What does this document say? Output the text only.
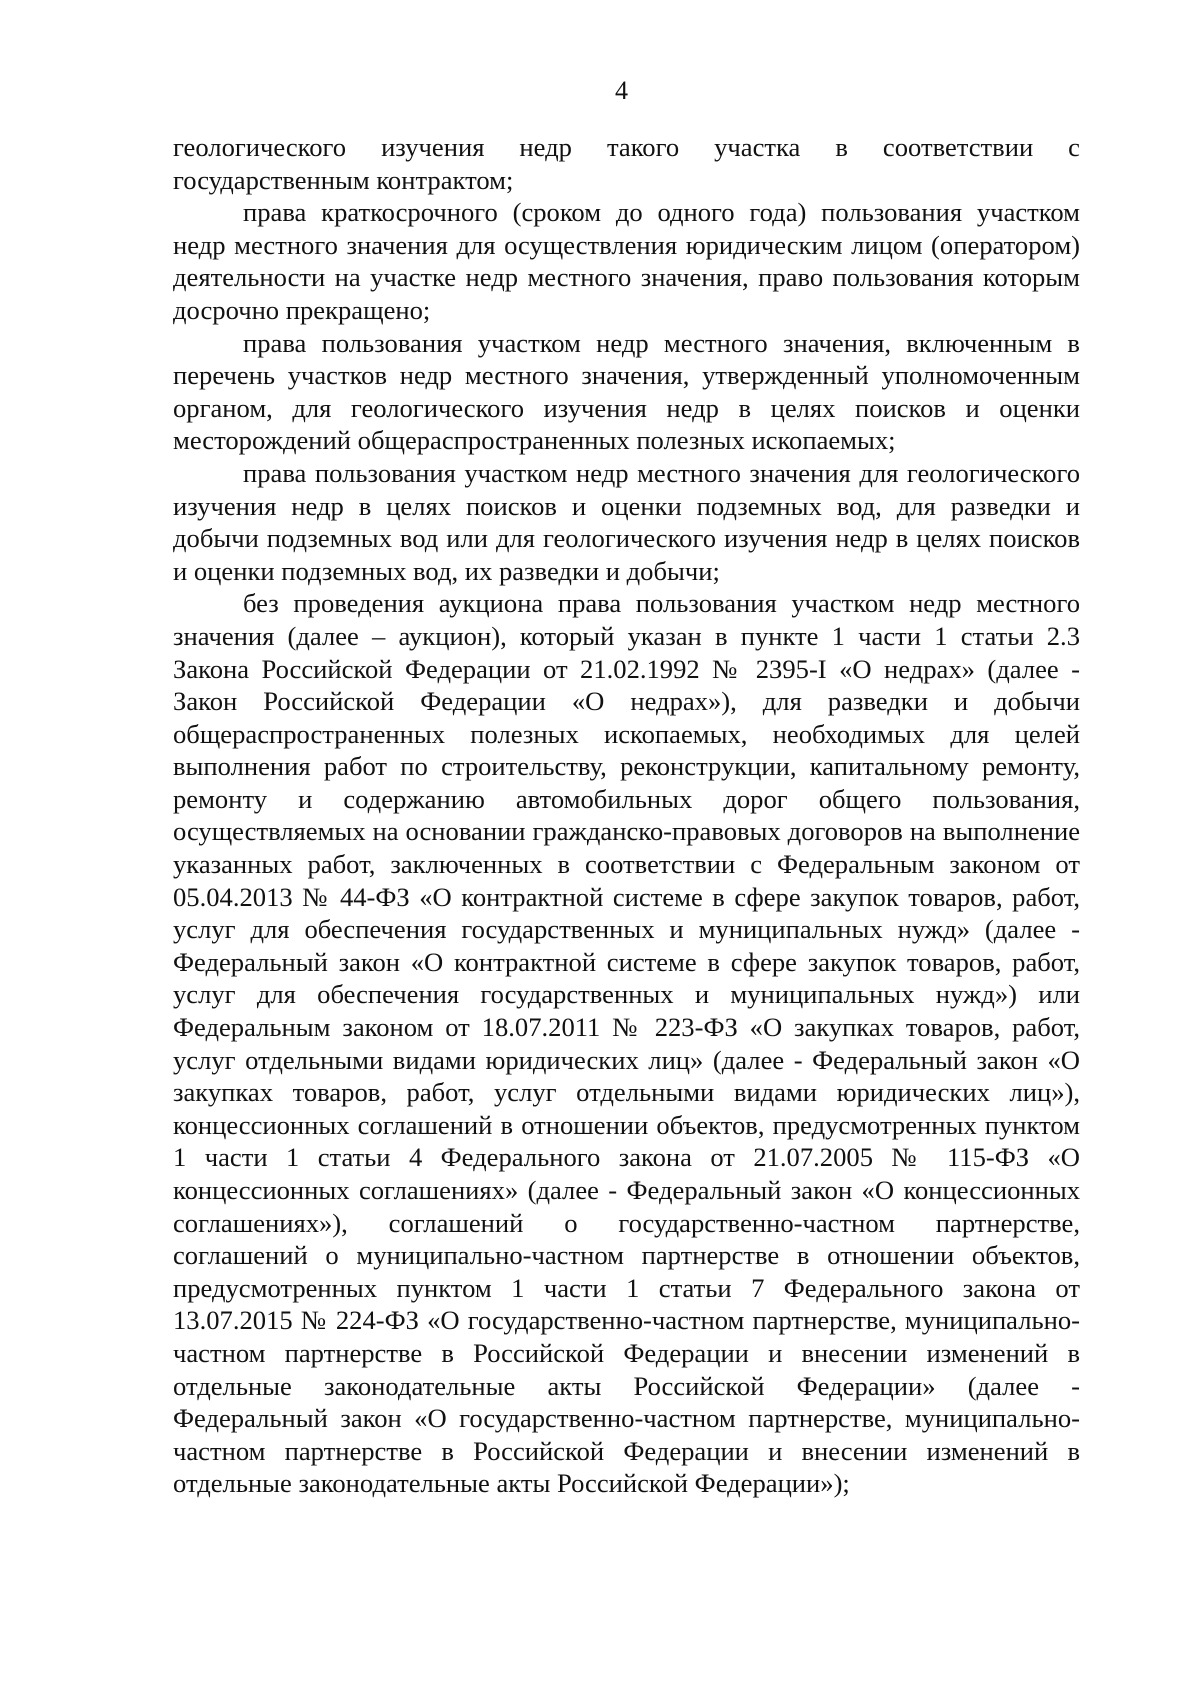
4

геологического изучения недр такого участка в соответствии с государственным контрактом;

права краткосрочного (сроком до одного года) пользования участком недр местного значения для осуществления юридическим лицом (оператором) деятельности на участке недр местного значения, право пользования которым досрочно прекращено;

права пользования участком недр местного значения, включенным в перечень участков недр местного значения, утвержденный уполномоченным органом, для геологического изучения недр в целях поисков и оценки месторождений общераспространенных полезных ископаемых;

права пользования участком недр местного значения для геологического изучения недр в целях поисков и оценки подземных вод, для разведки и добычи подземных вод или для геологического изучения недр в целях поисков и оценки подземных вод, их разведки и добычи;

без проведения аукциона права пользования участком недр местного значения (далее – аукцион), который указан в пункте 1 части 1 статьи 2.3 Закона Российской Федерации от 21.02.1992 № 2395-I «О недрах» (далее - Закон Российской Федерации «О недрах»), для разведки и добычи общераспространенных полезных ископаемых, необходимых для целей выполнения работ по строительству, реконструкции, капитальному ремонту, ремонту и содержанию автомобильных дорог общего пользования, осуществляемых на основании гражданско-правовых договоров на выполнение указанных работ, заключенных в соответствии с Федеральным законом от 05.04.2013 № 44-ФЗ «О контрактной системе в сфере закупок товаров, работ, услуг для обеспечения государственных и муниципальных нужд» (далее - Федеральный закон «О контрактной системе в сфере закупок товаров, работ, услуг для обеспечения государственных и муниципальных нужд») или Федеральным законом от 18.07.2011 № 223-ФЗ «О закупках товаров, работ, услуг отдельными видами юридических лиц» (далее - Федеральный закон «О закупках товаров, работ, услуг отдельными видами юридических лиц»), концессионных соглашений в отношении объектов, предусмотренных пунктом 1 части 1 статьи 4 Федерального закона от 21.07.2005 № 115-ФЗ «О концессионных соглашениях» (далее - Федеральный закон «О концессионных соглашениях»), соглашений о государственно-частном партнерстве, соглашений о муниципально-частном партнерстве в отношении объектов, предусмотренных пунктом 1 части 1 статьи 7 Федерального закона от 13.07.2015 № 224-ФЗ «О государственно-частном партнерстве, муниципально-частном партнерстве в Российской Федерации и внесении изменений в отдельные законодательные акты Российской Федерации» (далее - Федеральный закон «О государственно-частном партнерстве, муниципально-частном партнерстве в Российской Федерации и внесении изменений в отдельные законодательные акты Российской Федерации»);
